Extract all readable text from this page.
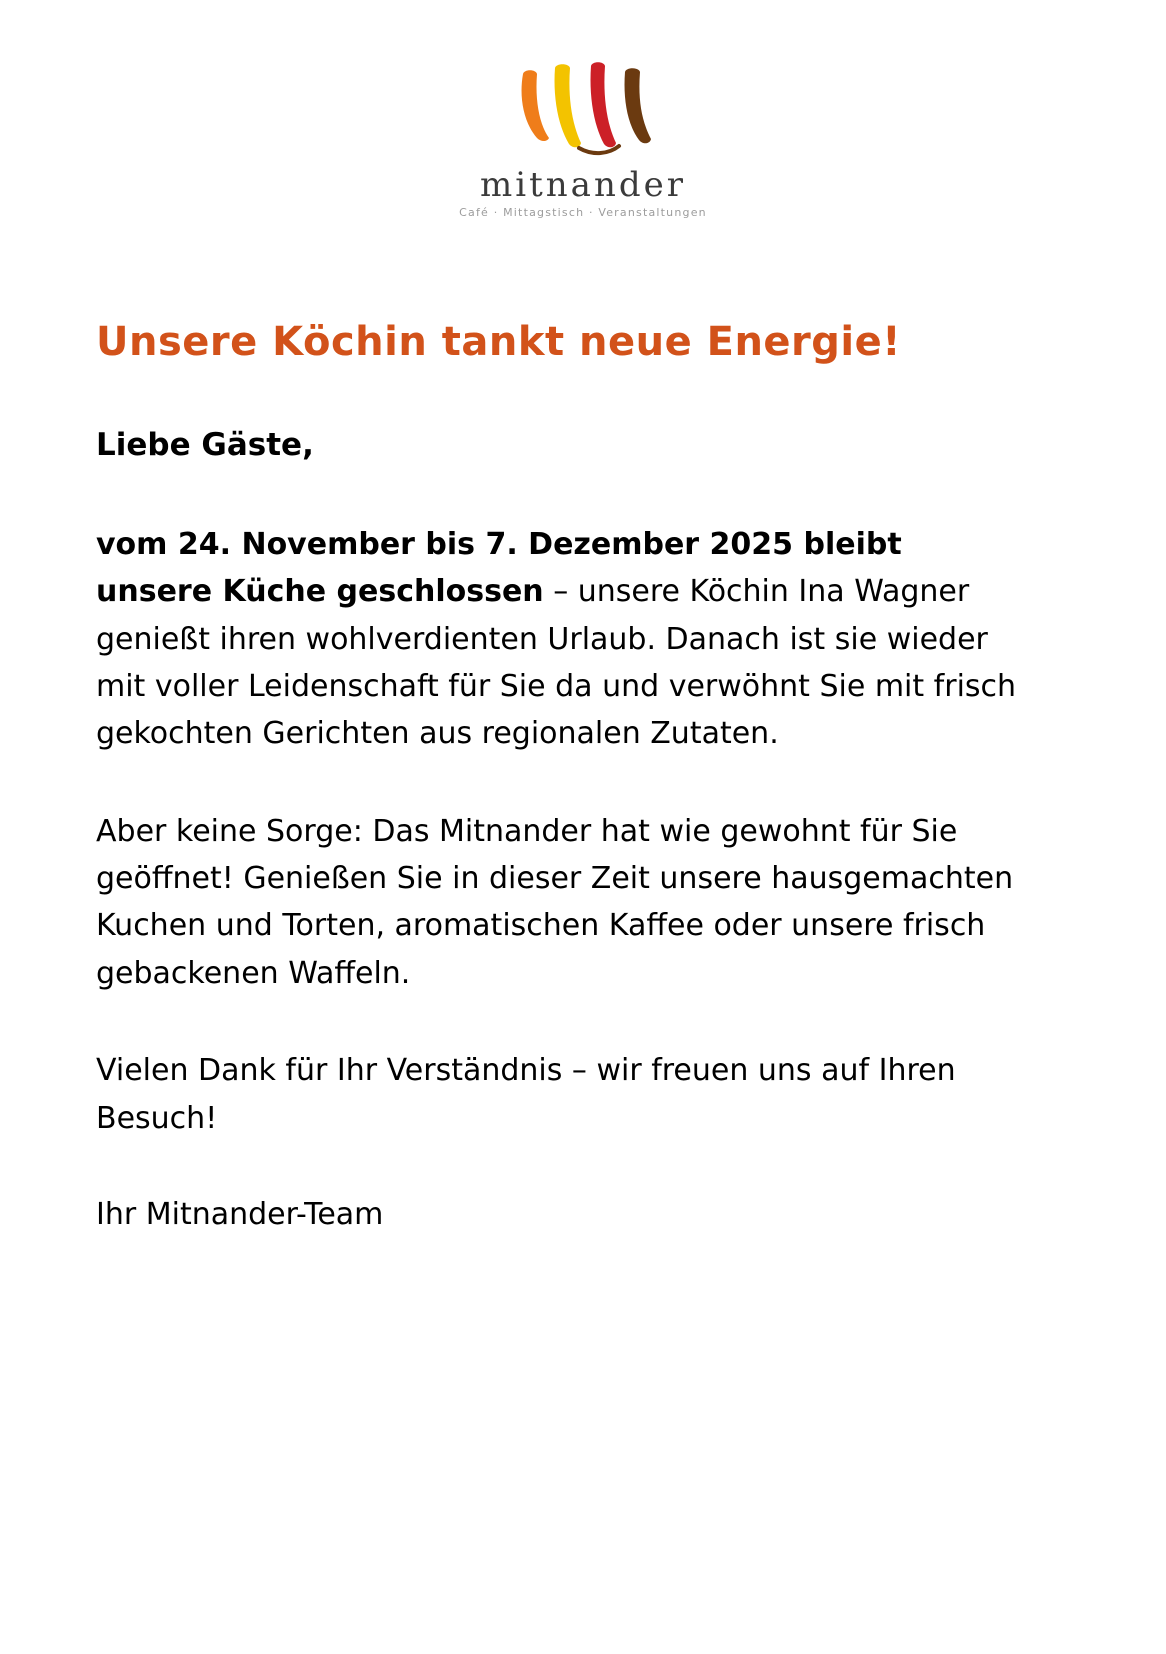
mitnander
Café · Mittagstisch · Veranstaltungen
Unsere Köchin tankt neue Energie!

Liebe Gäste,

vom 24. November bis 7. Dezember 2025 bleibt unsere Küche geschlossen – unsere Köchin Ina Wagner genießt ihren wohlverdienten Urlaub. Danach ist sie wieder mit voller Leidenschaft für Sie da und verwöhnt Sie mit frisch gekochten Gerichten aus regionalen Zutaten.

Aber keine Sorge: Das Mitnander hat wie gewohnt für Sie geöffnet! Genießen Sie in dieser Zeit unsere hausgemachten Kuchen und Torten, aromatischen Kaffee oder unsere frisch gebackenen Waffeln.

Vielen Dank für Ihr Verständnis – wir freuen uns auf Ihren Besuch!

Ihr Mitnander-Team
